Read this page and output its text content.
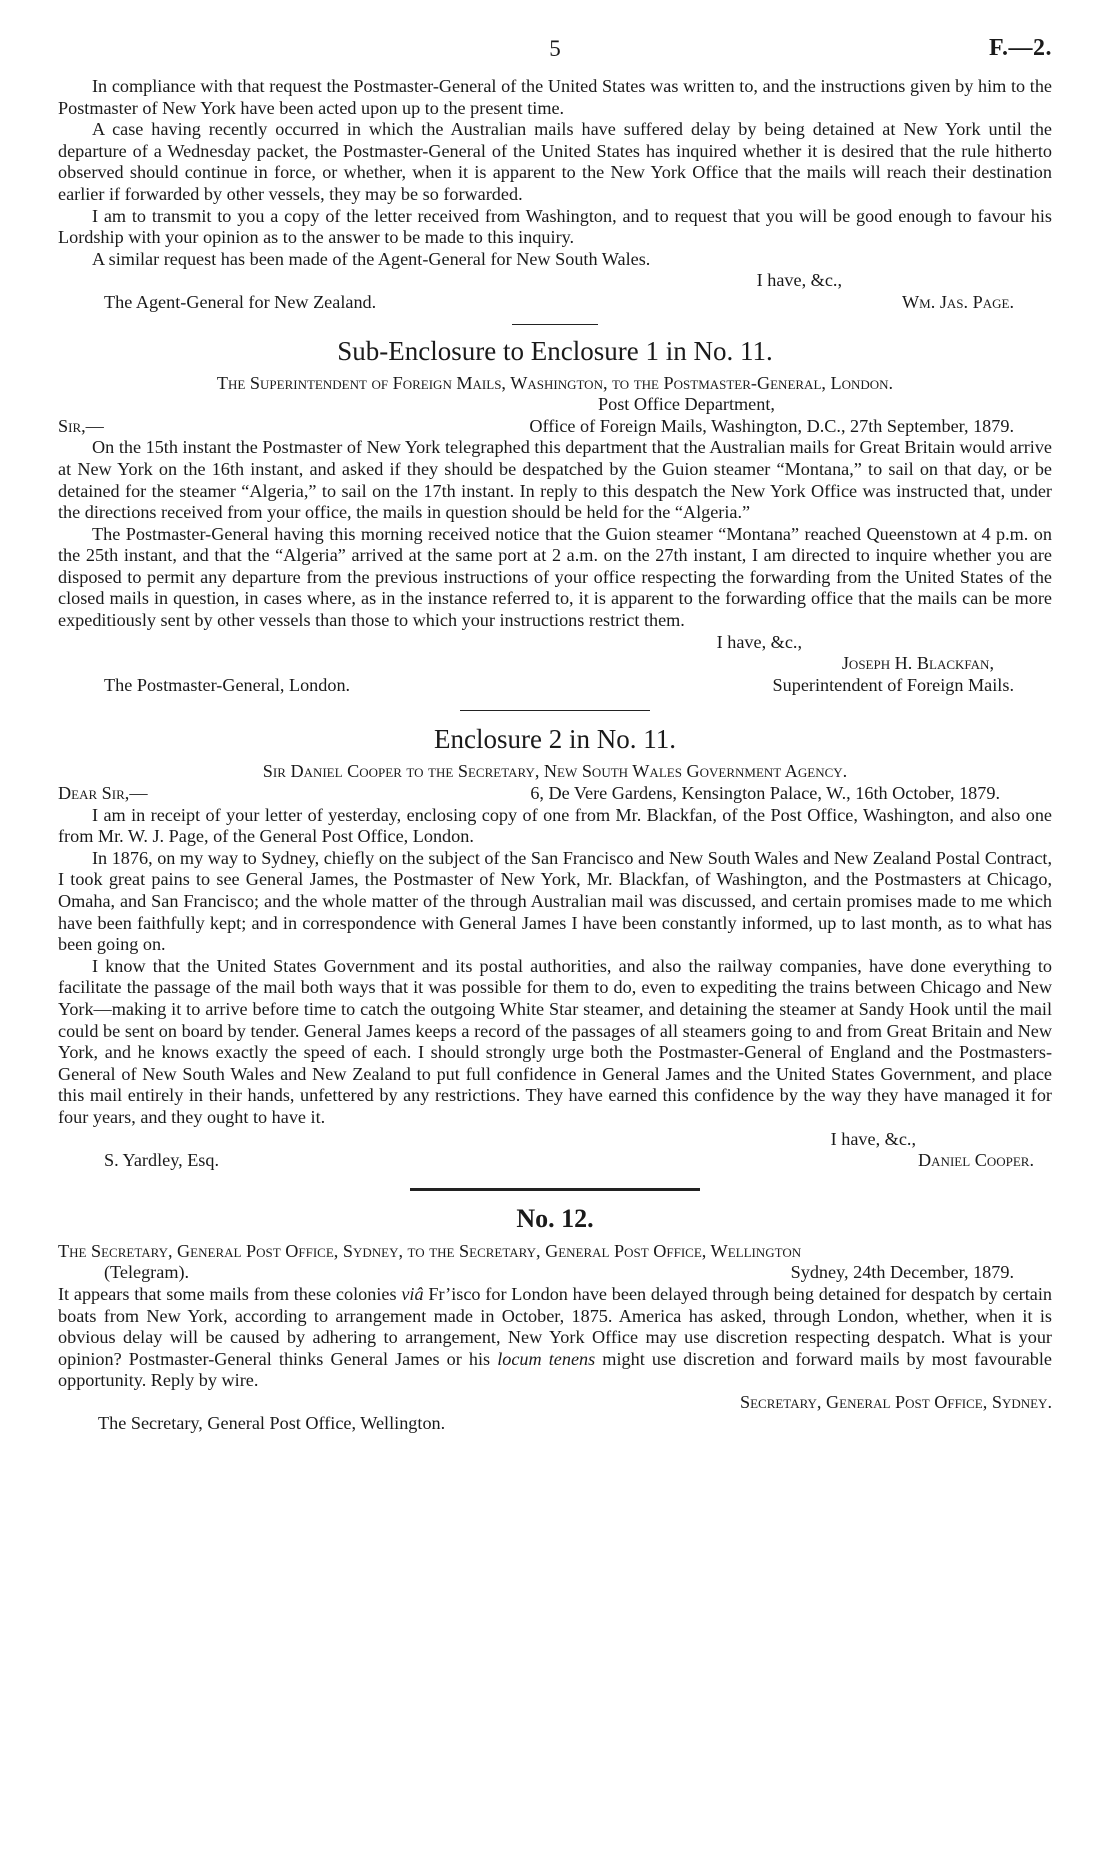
5	F.—2.

In compliance with that request the Postmaster-General of the United States was written to, and the instructions given by him to the Postmaster of New York have been acted upon up to the present time.

A case having recently occurred in which the Australian mails have suffered delay by being detained at New York until the departure of a Wednesday packet, the Postmaster-General of the United States has inquired whether it is desired that the rule hitherto observed should continue in force, or whether, when it is apparent to the New York Office that the mails will reach their destination earlier if forwarded by other vessels, they may be so forwarded.

I am to transmit to you a copy of the letter received from Washington, and to request that you will be good enough to favour his Lordship with your opinion as to the answer to be made to this inquiry.

A similar request has been made of the Agent-General for New South Wales.

I have, &c.,
The Agent-General for New Zealand.	Wm. Jas. Page.
Sub-Enclosure to Enclosure 1 in No. 11.
The Superintendent of Foreign Mails, Washington, to the Postmaster-General, London.
Post Office Department,
Sir,—	Office of Foreign Mails, Washington, D.C., 27th September, 1879.

On the 15th instant the Postmaster of New York telegraphed this department that the Australian mails for Great Britain would arrive at New York on the 16th instant, and asked if they should be despatched by the Guion steamer “Montana,” to sail on that day, or be detained for the steamer “Algeria,” to sail on the 17th instant. In reply to this despatch the New York Office was instructed that, under the directions received from your office, the mails in question should be held for the “Algeria.”

The Postmaster-General having this morning received notice that the Guion steamer “Montana” reached Queenstown at 4 p.m. on the 25th instant, and that the “Algeria” arrived at the same port at 2 a.m. on the 27th instant, I am directed to inquire whether you are disposed to permit any departure from the previous instructions of your office respecting the forwarding from the United States of the closed mails in question, in cases where, as in the instance referred to, it is apparent to the forwarding office that the mails can be more expeditiously sent by other vessels than those to which your instructions restrict them.

I have, &c.,
Joseph H. Blackfan,
The Postmaster-General, London.	Superintendent of Foreign Mails.
Enclosure 2 in No. 11.
Sir Daniel Cooper to the Secretary, New South Wales Government Agency.
Dear Sir,—	6, De Vere Gardens, Kensington Palace, W., 16th October, 1879.

I am in receipt of your letter of yesterday, enclosing copy of one from Mr. Blackfan, of the Post Office, Washington, and also one from Mr. W. J. Page, of the General Post Office, London.

In 1876, on my way to Sydney, chiefly on the subject of the San Francisco and New South Wales and New Zealand Postal Contract, I took great pains to see General James, the Postmaster of New York, Mr. Blackfan, of Washington, and the Postmasters at Chicago, Omaha, and San Francisco; and the whole matter of the through Australian mail was discussed, and certain promises made to me which have been faithfully kept; and in correspondence with General James I have been constantly informed, up to last month, as to what has been going on.

I know that the United States Government and its postal authorities, and also the railway companies, have done everything to facilitate the passage of the mail both ways that it was possible for them to do, even to expediting the trains between Chicago and New York—making it to arrive before time to catch the outgoing White Star steamer, and detaining the steamer at Sandy Hook until the mail could be sent on board by tender. General James keeps a record of the passages of all steamers going to and from Great Britain and New York, and he knows exactly the speed of each. I should strongly urge both the Postmaster-General of England and the Postmasters-General of New South Wales and New Zealand to put full confidence in General James and the United States Government, and place this mail entirely in their hands, unfettered by any restrictions. They have earned this confidence by the way they have managed it for four years, and they ought to have it.

I have, &c.,
S. Yardley, Esq.	Daniel Cooper.
No. 12.
The Secretary, General Post Office, Sydney, to the Secretary, General Post Office, Wellington
(Telegram).	Sydney, 24th December, 1879.

It appears that some mails from these colonies viâ Fr’isco for London have been delayed through being detained for despatch by certain boats from New York, according to arrangement made in October, 1875. America has asked, through London, whether, when it is obvious delay will be caused by adhering to arrangement, New York Office may use discretion respecting despatch. What is your opinion? Postmaster-General thinks General James or his locum tenens might use discretion and forward mails by most favourable opportunity. Reply by wire.

Secretary, General Post Office, Sydney.
The Secretary, General Post Office, Wellington.
